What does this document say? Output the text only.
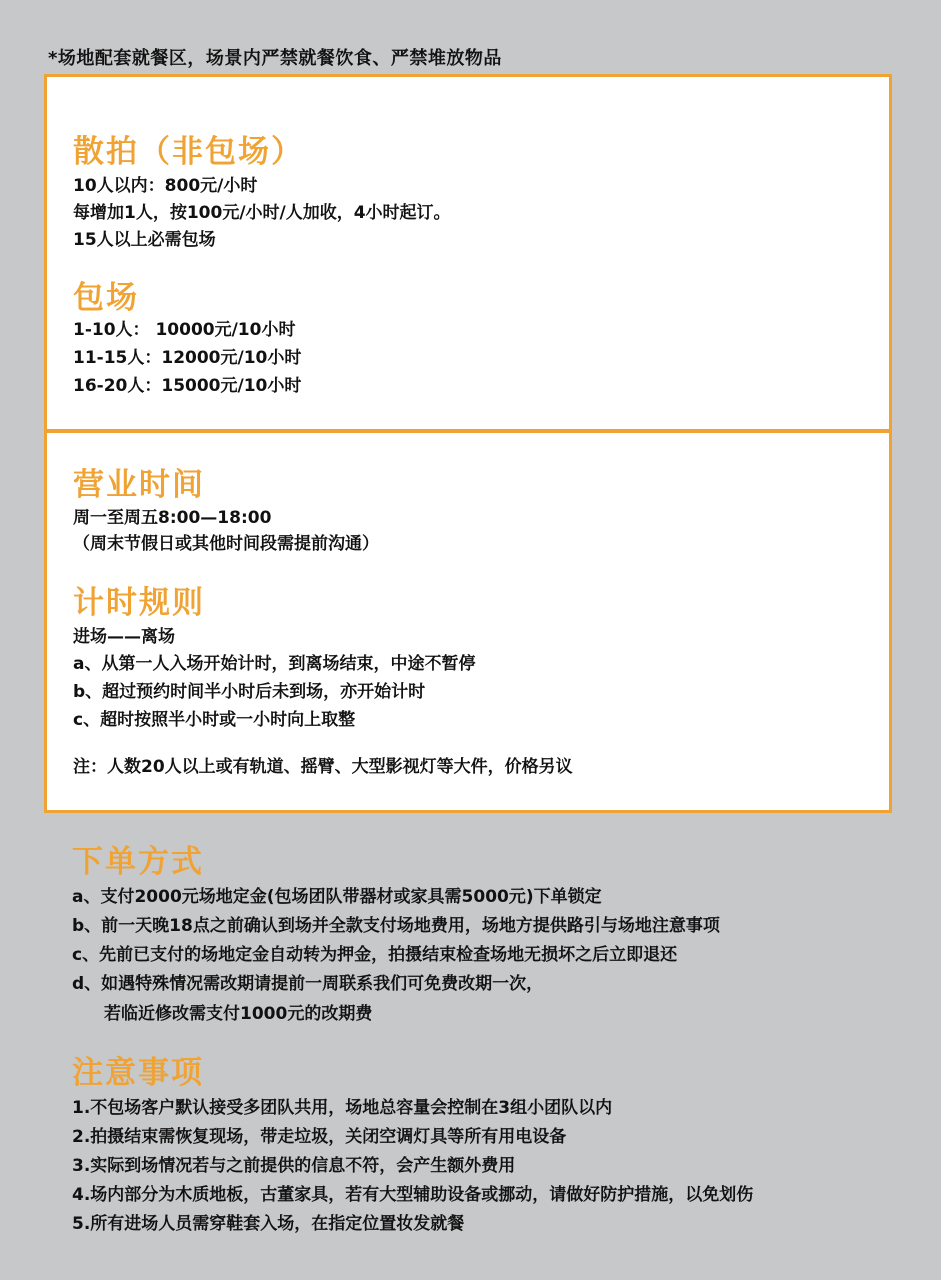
*场地配套就餐区，场景内严禁就餐饮食、严禁堆放物品
散拍（非包场）
10人以内：800元/小时
每增加1人，按100元/小时/人加收，4小时起订。
15人以上必需包场
包场
1-10人： 10000元/10小时
11-15人：12000元/10小时
16-20人：15000元/10小时
营业时间
周一至周五8:00—18:00
（周末节假日或其他时间段需提前沟通）
计时规则
进场——离场
a、从第一人入场开始计时，到离场结束，中途不暂停
b、超过预约时间半小时后未到场，亦开始计时
c、超时按照半小时或一小时向上取整
注：人数20人以上或有轨道、摇臂、大型影视灯等大件，价格另议
下单方式
a、支付2000元场地定金(包场团队带器材或家具需5000元)下单锁定
b、前一天晚18点之前确认到场并全款支付场地费用，场地方提供路引与场地注意事项
c、先前已支付的场地定金自动转为押金，拍摄结束检查场地无损坏之后立即退还
d、如遇特殊情况需改期请提前一周联系我们可免费改期一次，
若临近修改需支付1000元的改期费
注意事项
1.不包场客户默认接受多团队共用，场地总容量会控制在3组小团队以内
2.拍摄结束需恢复现场，带走垃圾，关闭空调灯具等所有用电设备
3.实际到场情况若与之前提供的信息不符，会产生额外费用
4.场内部分为木质地板，古董家具，若有大型辅助设备或挪动，请做好防护措施，以免划伤
5.所有进场人员需穿鞋套入场，在指定位置妆发就餐
